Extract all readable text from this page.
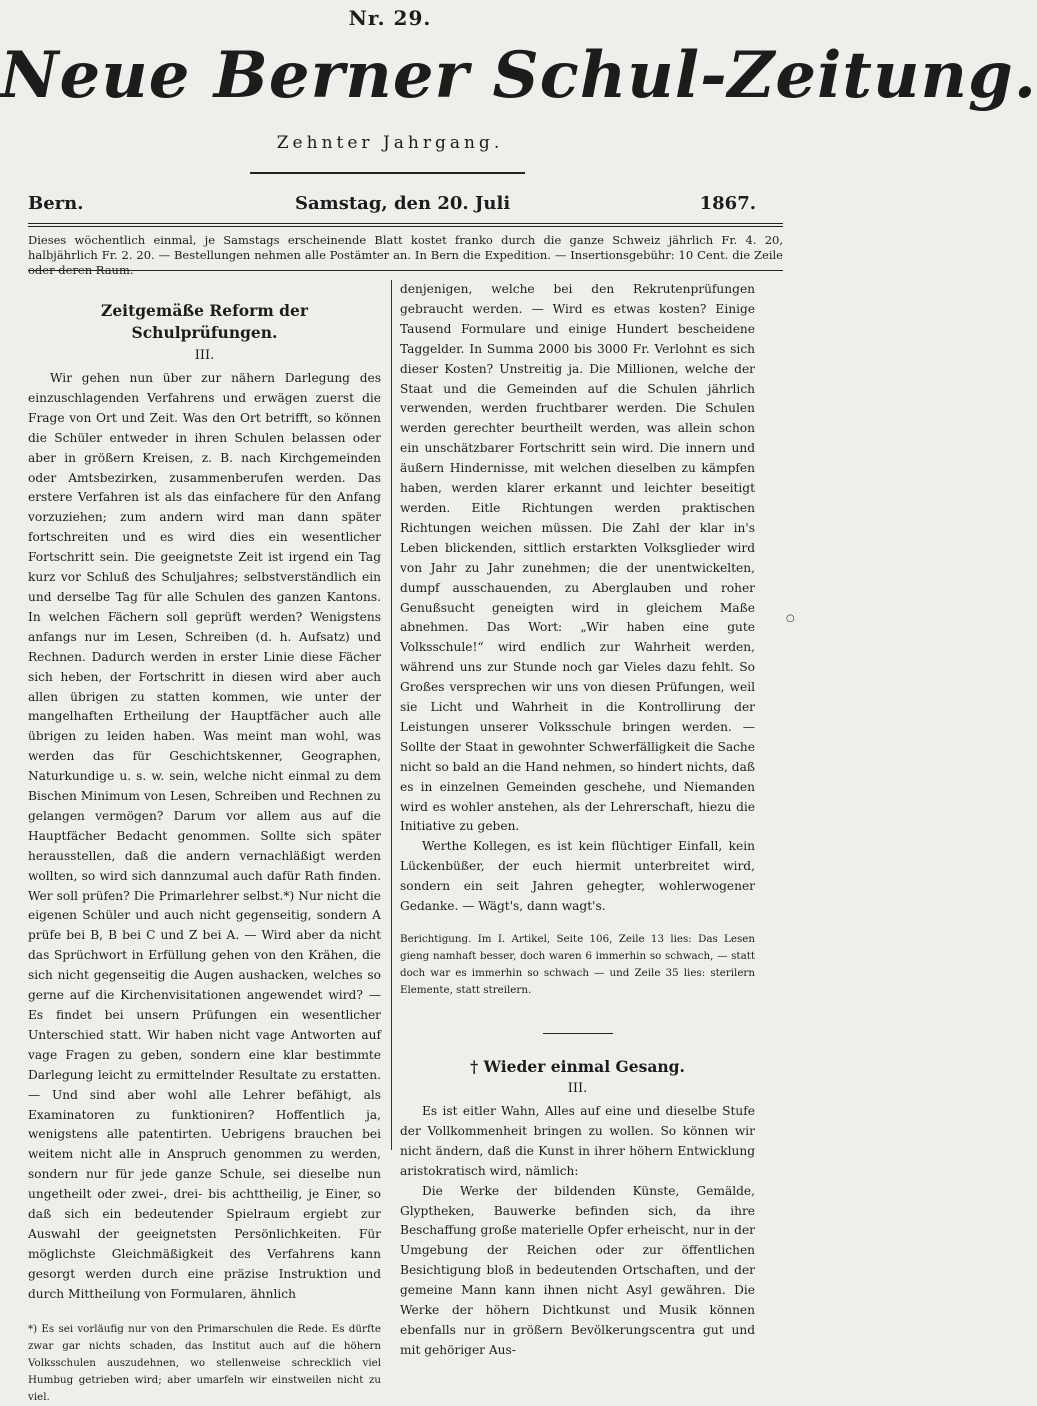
Nr. 29.
Neue Berner Schul-Zeitung.
Zehnter Jahrgang.
Bern.	Samstag, den 20. Juli	1867.
Dieses wöchentlich einmal, je Samstags erscheinende Blatt kostet franko durch die ganze Schweiz jährlich Fr. 4. 20, halbjährlich Fr. 2. 20. — Bestellungen nehmen alle Postämter an. In Bern die Expedition. — Insertionsgebühr: 10 Cent. die Zeile oder deren Raum.
Zeitgemäße Reform der Schulprüfungen.
III.

Wir gehen nun über zur nähern Darlegung des einzuschlagenden Verfahrens und erwägen zuerst die Frage von Ort und Zeit. Was den Ort betrifft, so können die Schüler entweder in ihren Schulen belassen oder aber in größern Kreisen, z. B. nach Kirchgemeinden oder Amtsbezirken, zusammenberufen werden. Das erstere Verfahren ist als das einfachere für den Anfang vorzuziehen; zum andern wird man dann später fortschreiten und es wird dies ein wesentlicher Fortschritt sein. Die geeignetste Zeit ist irgend ein Tag kurz vor Schluß des Schuljahres; selbstverständlich ein und derselbe Tag für alle Schulen des ganzen Kantons. In welchen Fächern soll geprüft werden? Wenigstens anfangs nur im Lesen, Schreiben (d. h. Aufsatz) und Rechnen. Dadurch werden in erster Linie diese Fächer sich heben, der Fortschritt in diesen wird aber auch allen übrigen zu statten kommen, wie unter der mangelhaften Ertheilung der Hauptfächer auch alle übrigen zu leiden haben. Was meint man wohl, was werden das für Geschichtskenner, Geographen, Naturkundige u. s. w. sein, welche nicht einmal zu dem Bischen Minimum von Lesen, Schreiben und Rechnen zu gelangen vermögen? Darum vor allem aus auf die Hauptfächer Bedacht genommen. Sollte sich später herausstellen, daß die andern vernachläßigt werden wollten, so wird sich dannzumal auch dafür Rath finden. Wer soll prüfen? Die Primarlehrer selbst.*) Nur nicht die eigenen Schüler und auch nicht gegenseitig, sondern A prüfe bei B, B bei C und Z bei A. — Wird aber da nicht das Sprüchwort in Erfüllung gehen von den Krähen, die sich nicht gegenseitig die Augen aushacken, welches so gerne auf die Kirchenvisitationen angewendet wird? — Es findet bei unsern Prüfungen ein wesentlicher Unterschied statt. Wir haben nicht vage Antworten auf vage Fragen zu geben, sondern eine klar bestimmte Darlegung leicht zu ermittelnder Resultate zu erstatten. — Und sind aber wohl alle Lehrer befähigt, als Examinatoren zu funktioniren? Hoffentlich ja, wenigstens alle patentirten. Uebrigens brauchen bei weitem nicht alle in Anspruch genommen zu werden, sondern nur für jede ganze Schule, sei dieselbe nun ungetheilt oder zwei-, drei- bis achttheilig, je Einer, so daß sich ein bedeutender Spielraum ergiebt zur Auswahl der geeignetsten Persönlichkeiten. Für möglichste Gleichmäßigkeit des Verfahrens kann gesorgt werden durch eine präzise Instruktion und durch Mittheilung von Formularen, ähnlich

*) Es sei vorläufig nur von den Primarschulen die Rede. Es dürfte zwar gar nichts schaden, das Institut auch auf die höhern Volksschulen auszudehnen, wo stellenweise schrecklich viel Humbug getrieben wird; aber umarfeln wir einstweilen nicht zu viel.

denjenigen, welche bei den Rekrutenprüfungen gebraucht werden. — Wird es etwas kosten? Einige Tausend Formulare und einige Hundert bescheidene Taggelder. In Summa 2000 bis 3000 Fr. Verlohnt es sich dieser Kosten? Unstreitig ja. Die Millionen, welche der Staat und die Gemeinden auf die Schulen jährlich verwenden, werden fruchtbarer werden. Die Schulen werden gerechter beurtheilt werden, was allein schon ein unschätzbarer Fortschritt sein wird. Die innern und äußern Hindernisse, mit welchen dieselben zu kämpfen haben, werden klarer erkannt und leichter beseitigt werden. Eitle Richtungen werden praktischen Richtungen weichen müssen. Die Zahl der klar in's Leben blickenden, sittlich erstarkten Volksglieder wird von Jahr zu Jahr zunehmen; die der unentwickelten, dumpf ausschauenden, zu Aberglauben und roher Genußsucht geneigten wird in gleichem Maße abnehmen. Das Wort: „Wir haben eine gute Volksschule!“ wird endlich zur Wahrheit werden, während uns zur Stunde noch gar Vieles dazu fehlt. So Großes versprechen wir uns von diesen Prüfungen, weil sie Licht und Wahrheit in die Kontrollirung der Leistungen unserer Volksschule bringen werden. — Sollte der Staat in gewohnter Schwerfälligkeit die Sache nicht so bald an die Hand nehmen, so hindert nichts, daß es in einzelnen Gemeinden geschehe, und Niemanden wird es wohler anstehen, als der Lehrerschaft, hiezu die Initiative zu geben.

Werthe Kollegen, es ist kein flüchtiger Einfall, kein Lückenbüßer, der euch hiermit unterbreitet wird, sondern ein seit Jahren gehegter, wohlerwogener Gedanke. — Wägt's, dann wagt's.

Berichtigung. Im I. Artikel, Seite 106, Zeile 13 lies: Das Lesen gieng namhaft besser, doch waren 6 immerhin so schwach, — statt doch war es immerhin so schwach — und Zeile 35 lies: sterilern Elemente, statt streilern.
† Wieder einmal Gesang.
III.

Es ist eitler Wahn, Alles auf eine und dieselbe Stufe der Vollkommenheit bringen zu wollen. So können wir nicht ändern, daß die Kunst in ihrer höhern Entwicklung aristokratisch wird, nämlich:

Die Werke der bildenden Künste, Gemälde, Glyptheken, Bauwerke befinden sich, da ihre Beschaffung große materielle Opfer erheischt, nur in der Umgebung der Reichen oder zur öffentlichen Besichtigung bloß in bedeutenden Ortschaften, und der gemeine Mann kann ihnen nicht Asyl gewähren. Die Werke der höhern Dichtkunst und Musik können ebenfalls nur in größern Bevölkerungscentra gut und mit gehöriger Aus-

○
